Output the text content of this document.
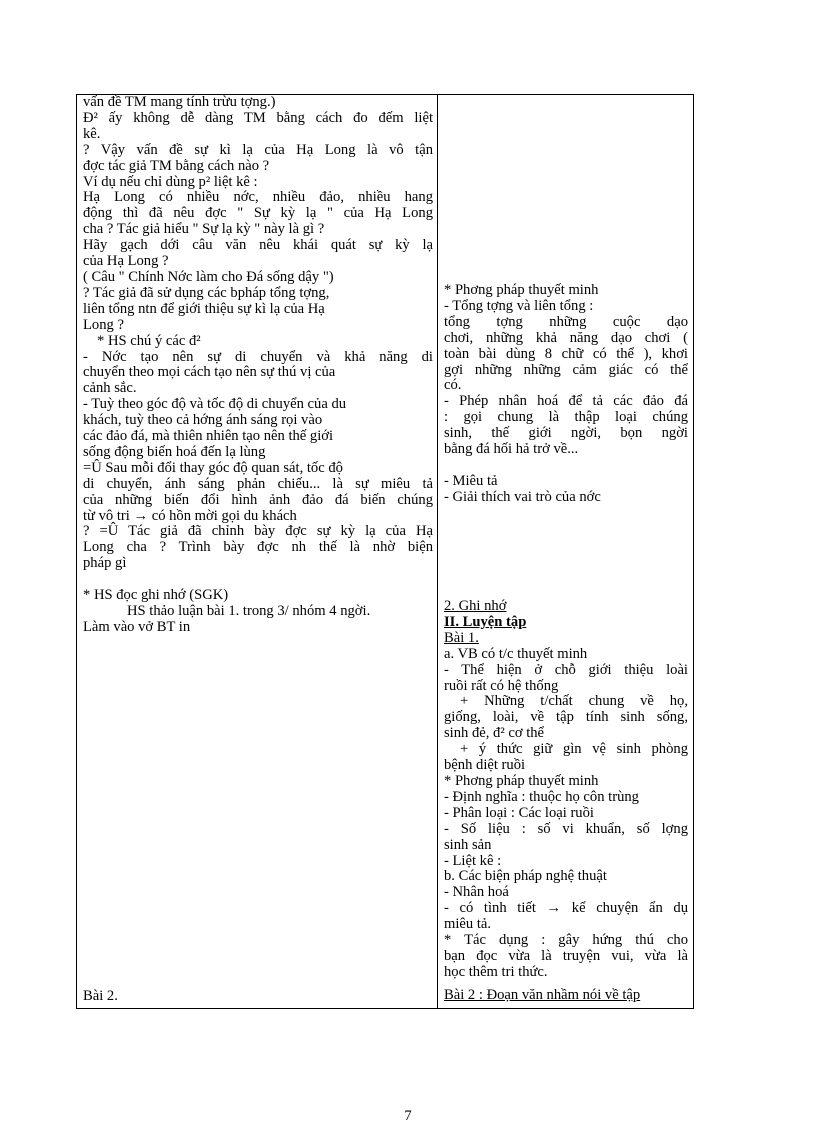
vấn đề TM mang tính trừu tợng.)

Đ² ấy không dễ dàng TM bằng cách đo đếm liệt

kê.

? Vậy vấn đề sự kì lạ của Hạ Long là vô tận

đợc tác giả TM bằng cách nào ?

Ví dụ nếu chỉ dùng p² liệt kê :

Hạ Long có nhiều nớc, nhiều đảo, nhiều hang

động thì đã nêu đợc " Sự kỳ lạ " của Hạ Long

cha ? Tác giả hiểu " Sự lạ kỳ " này là gì ?

Hãy gạch dới câu văn nêu khái quát sự kỳ lạ

của Hạ Long ?

( Câu " Chính Nớc làm cho Đá sống dậy ")

? Tác giả đã sử dụng các bpháp tổng tợng,

liên tổng ntn để giới thiệu sự kì lạ của Hạ

Long ?

* HS chú ý các đ²

- Nớc tạo nên sự di chuyển và khả năng di

chuyển theo mọi cách tạo nên sự thú vị của

cảnh sắc.

- Tuỳ theo góc độ và tốc độ di chuyển của du

khách, tuỳ theo cả hớng ánh sáng rọi vào

các đảo đá, mà thiên nhiên tạo nên thế giới

sống động biến hoá đến lạ lùng

=Û Sau mỗi đổi thay góc độ quan sát, tốc độ

di chuyển, ánh sáng phản chiếu... là sự miêu tả

của những biến đổi hình ảnh đảo đá biến chúng

từ vô tri → có hồn mời gọi du khách

? =Û Tác giả đã chỉnh bày đợc sự kỳ lạ của Hạ

Long cha ? Trình bày đợc nh thế là nhờ biện

pháp gì

* HS đọc ghi nhớ (SGK)

HS thảo luận bài 1. trong 3/ nhóm 4 ngời.

Làm vào vở BT in

Bài 2.

* Phơng pháp thuyết minh

- Tổng tợng và liên tổng :

tổng tợng những cuộc dạo

chơi, những khả năng dạo chơi (

toàn bài dùng 8 chữ có thể ), khơi

gợi những những cảm giác có thể

có.

- Phép nhân hoá để tả các đảo đá

: gọi chung là thập loại chúng

sinh, thế giới ngời, bọn ngời

bằng đá hối hả trở về...

- Miêu tả

- Giải thích vai trò của nớc

2. Ghi nhớ

II. Luyện tập

Bài 1.

a. VB có t/c thuyết minh

- Thể hiện ở chỗ giới thiệu loài

ruồi rất có hệ thống

+ Những t/chất chung về họ,

giống, loài, về tập tính sinh sống,

sinh đẻ, đ² cơ thể

+ ý thức giữ gìn vệ sinh phòng

bệnh diệt ruồi

* Phơng pháp thuyết minh

- Định nghĩa : thuộc họ côn trùng

- Phân loại : Các loại ruồi

- Số liệu : số vi khuẩn, số lợng

sinh sản

- Liệt kê :

b. Các biện pháp nghệ thuật

- Nhân hoá

- có tình tiết → kể chuyện ẩn dụ

miêu tả.

* Tác dụng : gây hứng thú cho

bạn đọc vừa là truyện vui, vừa là

học thêm tri thức.

Bài 2 : Đoạn văn nhầm nói về tập
7
